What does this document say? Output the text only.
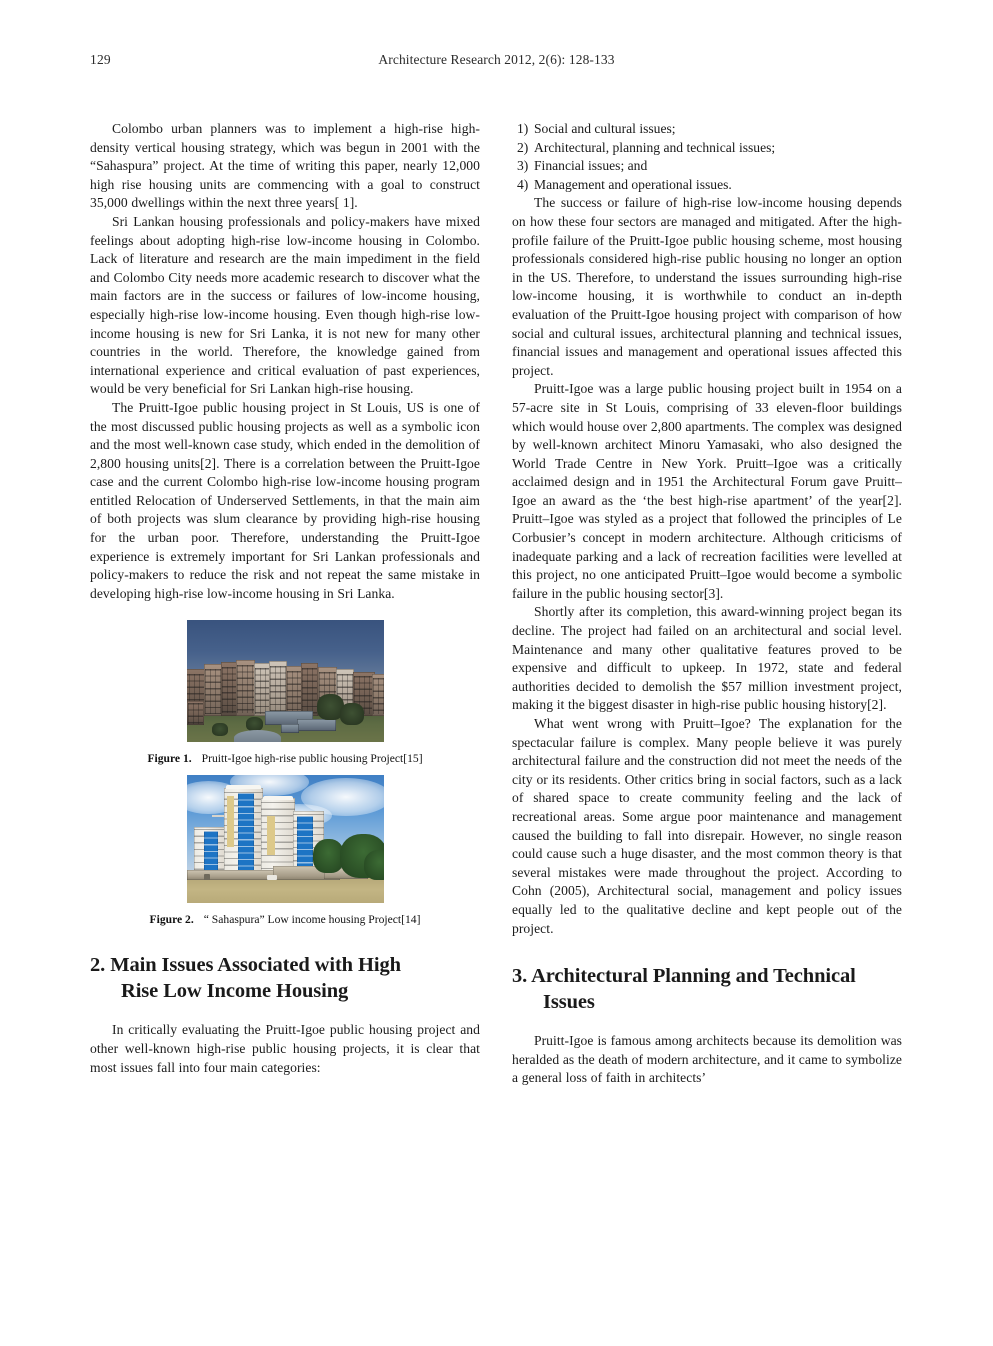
129	Architecture Research 2012, 2(6): 128-133

Colombo urban planners was to implement a high-rise high-density vertical housing strategy, which was begun in 2001 with the “Sahaspura” project. At the time of writing this paper, nearly 12,000 high rise housing units are commencing with a goal to construct 35,000 dwellings within the next three years[ 1].

Sri Lankan housing professionals and policy-makers have mixed feelings about adopting high-rise low-income housing in Colombo. Lack of literature and research are the main impediment in the field and Colombo City needs more academic research to discover what the main factors are in the success or failures of low-income housing, especially high-rise low-income housing. Even though high-rise low-income housing is new for Sri Lanka, it is not new for many other countries in the world. Therefore, the knowledge gained from international experience and critical evaluation of past experiences, would be very beneficial for Sri Lankan high-rise housing.

The Pruitt-Igoe public housing project in St Louis, US is one of the most discussed public housing projects as well as a symbolic icon and the most well-known case study, which ended in the demolition of 2,800 housing units[2]. There is a correlation between the Pruitt-Igoe case and the current Colombo high-rise low-income housing program entitled Relocation of Underserved Settlements, in that the main aim of both projects was slum clearance by providing high-rise housing for the urban poor. Therefore, understanding the Pruitt-Igoe experience is extremely important for Sri Lankan professionals and policy-makers to reduce the risk and not repeat the same mistake in developing high-rise low-income housing in Sri Lanka.

Figure 1. Pruitt-Igoe high-rise public housing Project[15]
Figure 2. “ Sahaspura” Low income housing Project[14]
2. Main Issues Associated with High
Rise Low Income Housing

In critically evaluating the Pruitt-Igoe public housing project and other well-known high-rise public housing projects, it is clear that most issues fall into four main categories:

1) Social and cultural issues;
2) Architectural, planning and technical issues;
3) Financial issues; and
4) Management and operational issues.

The success or failure of high-rise low-income housing depends on how these four sectors are managed and mitigated. After the high-profile failure of the Pruitt-Igoe public housing scheme, most housing professionals considered high-rise public housing no longer an option in the US. Therefore, to understand the issues surrounding high-rise low-income housing, it is worthwhile to conduct an in-depth evaluation of the Pruitt-Igoe housing project with comparison of how social and cultural issues, architectural planning and technical issues, financial issues and management and operational issues affected this project.

Pruitt-Igoe was a large public housing project built in 1954 on a 57-acre site in St Louis, comprising of 33 eleven-floor buildings which would house over 2,800 apartments. The complex was designed by well-known architect Minoru Yamasaki, who also designed the World Trade Centre in New York. Pruitt–Igoe was a critically acclaimed design and in 1951 the Architectural Forum gave Pruitt–Igoe an award as the ‘the best high-rise apartment’ of the year[2]. Pruitt–Igoe was styled as a project that followed the principles of Le Corbusier’s concept in modern architecture. Although criticisms of inadequate parking and a lack of recreation facilities were levelled at this project, no one anticipated Pruitt–Igoe would become a symbolic failure in the public housing sector[3].

Shortly after its completion, this award-winning project began its decline. The project had failed on an architectural and social level. Maintenance and many other qualitative features proved to be expensive and difficult to upkeep. In 1972, state and federal authorities decided to demolish the $57 million investment project, making it the biggest disaster in high-rise public housing history[2].

What went wrong with Pruitt–Igoe? The explanation for the spectacular failure is complex. Many people believe it was purely architectural failure and the construction did not meet the needs of the city or its residents. Other critics bring in social factors, such as a lack of shared space to create community feeling and the lack of recreational areas. Some argue poor maintenance and management caused the building to fall into disrepair. However, no single reason could cause such a huge disaster, and the most common theory is that several mistakes were made throughout the project. According to Cohn (2005), Architectural social, management and policy issues equally led to the qualitative decline and kept people out of the project.

3. Architectural Planning and Technical
Issues

Pruitt-Igoe is famous among architects because its demolition was heralded as the death of modern architecture, and it came to symbolize a general loss of faith in architects’
